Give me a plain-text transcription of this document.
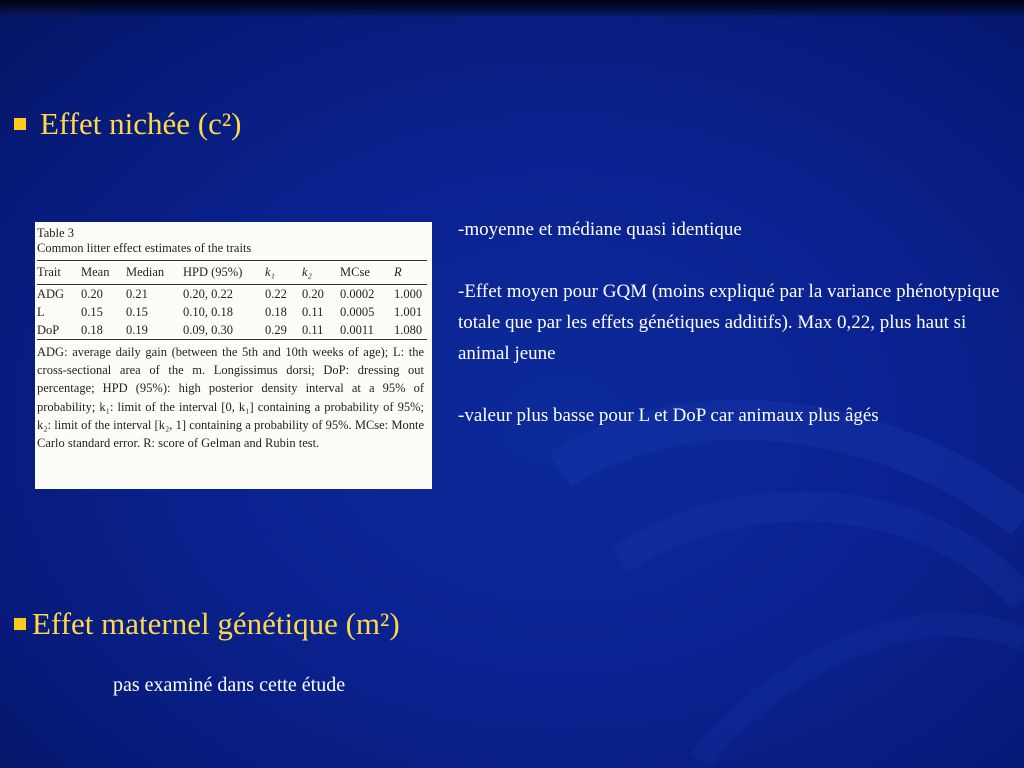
Effet nichée (c²)
Table 3
Common litter effect estimates of the traits
Trait	Mean	Median	HPD (95%)	k₁	k₂	MCse	R
ADG	0.20	0.21	0.20, 0.22	0.22	0.20	0.0002	1.000
L	0.15	0.15	0.10, 0.18	0.18	0.11	0.0005	1.001
DoP	0.18	0.19	0.09, 0.30	0.29	0.11	0.0011	1.080
ADG: average daily gain (between the 5th and 10th weeks of age); L: the cross-sectional area of the m. Longissimus dorsi; DoP: dressing out percentage; HPD (95%): high posterior density interval at a 95% of probability; k₁: limit of the interval [0, k₁] containing a probability of 95%; k₂: limit of the interval [k₂, 1] containing a probability of 95%. MCse: Monte Carlo standard error. R: score of Gelman and Rubin test.

-moyenne et médiane quasi identique

-Effet moyen pour GQM (moins expliqué par la variance phénotypique totale que par les effets génétiques additifs). Max 0,22, plus haut si animal jeune

-valeur plus basse pour L et DoP car animaux plus âgés

Effet maternel génétique (m²)
pas examiné dans cette étude
